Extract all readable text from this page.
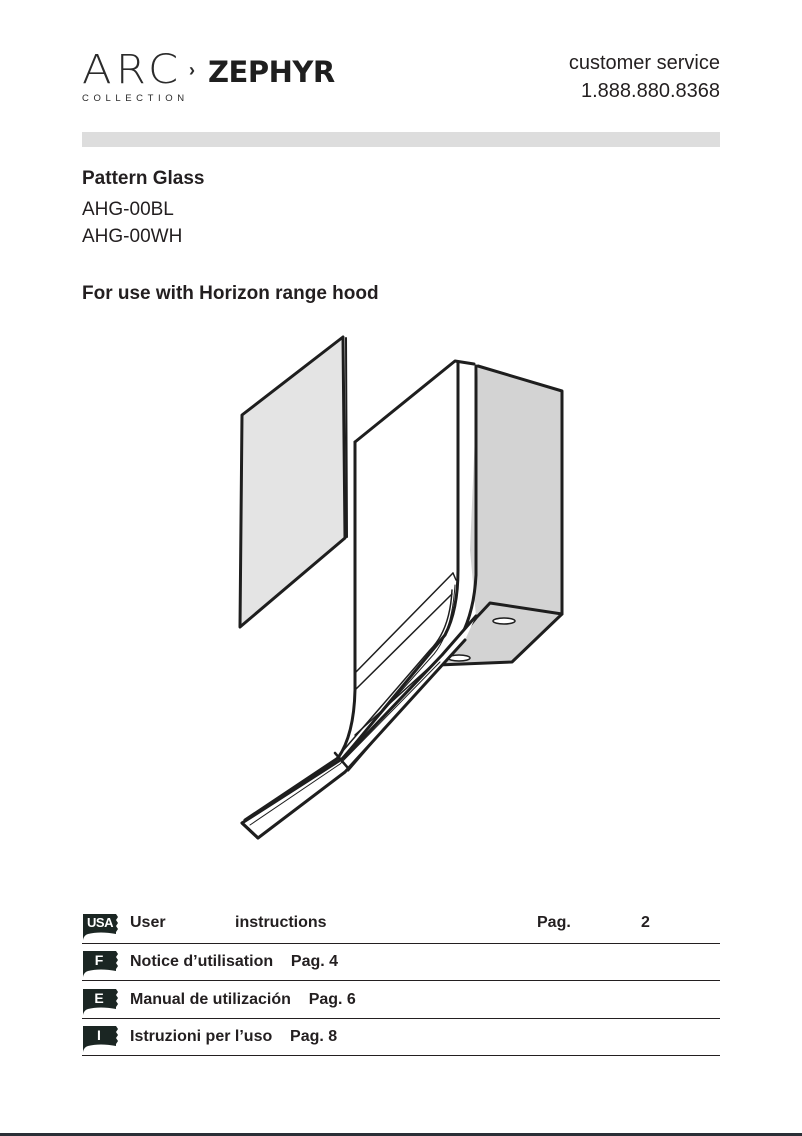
ARC
COLLECTION
› ZEPHYR	customer service
1.888.880.8368
Pattern Glass
AHG-00BL
AHG-00WH
For use with Horizon range hood
USA	User	instructions	Pag.	2
F	Notice d’utilisation    Pag. 4
E	Manual de utilización    Pag. 6
I	Istruzioni per l’uso    Pag. 8
